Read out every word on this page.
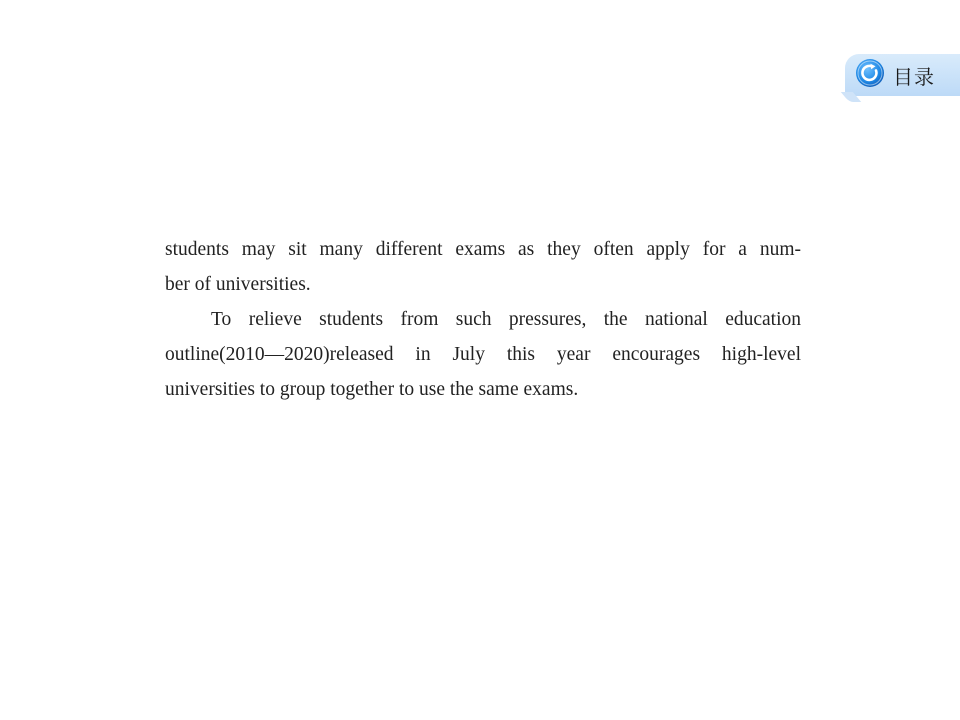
目录
students may sit many different exams as they often apply for a num-
ber of universities.
To relieve students from such pressures, the national education
outline(2010—2020)released in July this year encourages high-level
universities to group together to use the same exams.
